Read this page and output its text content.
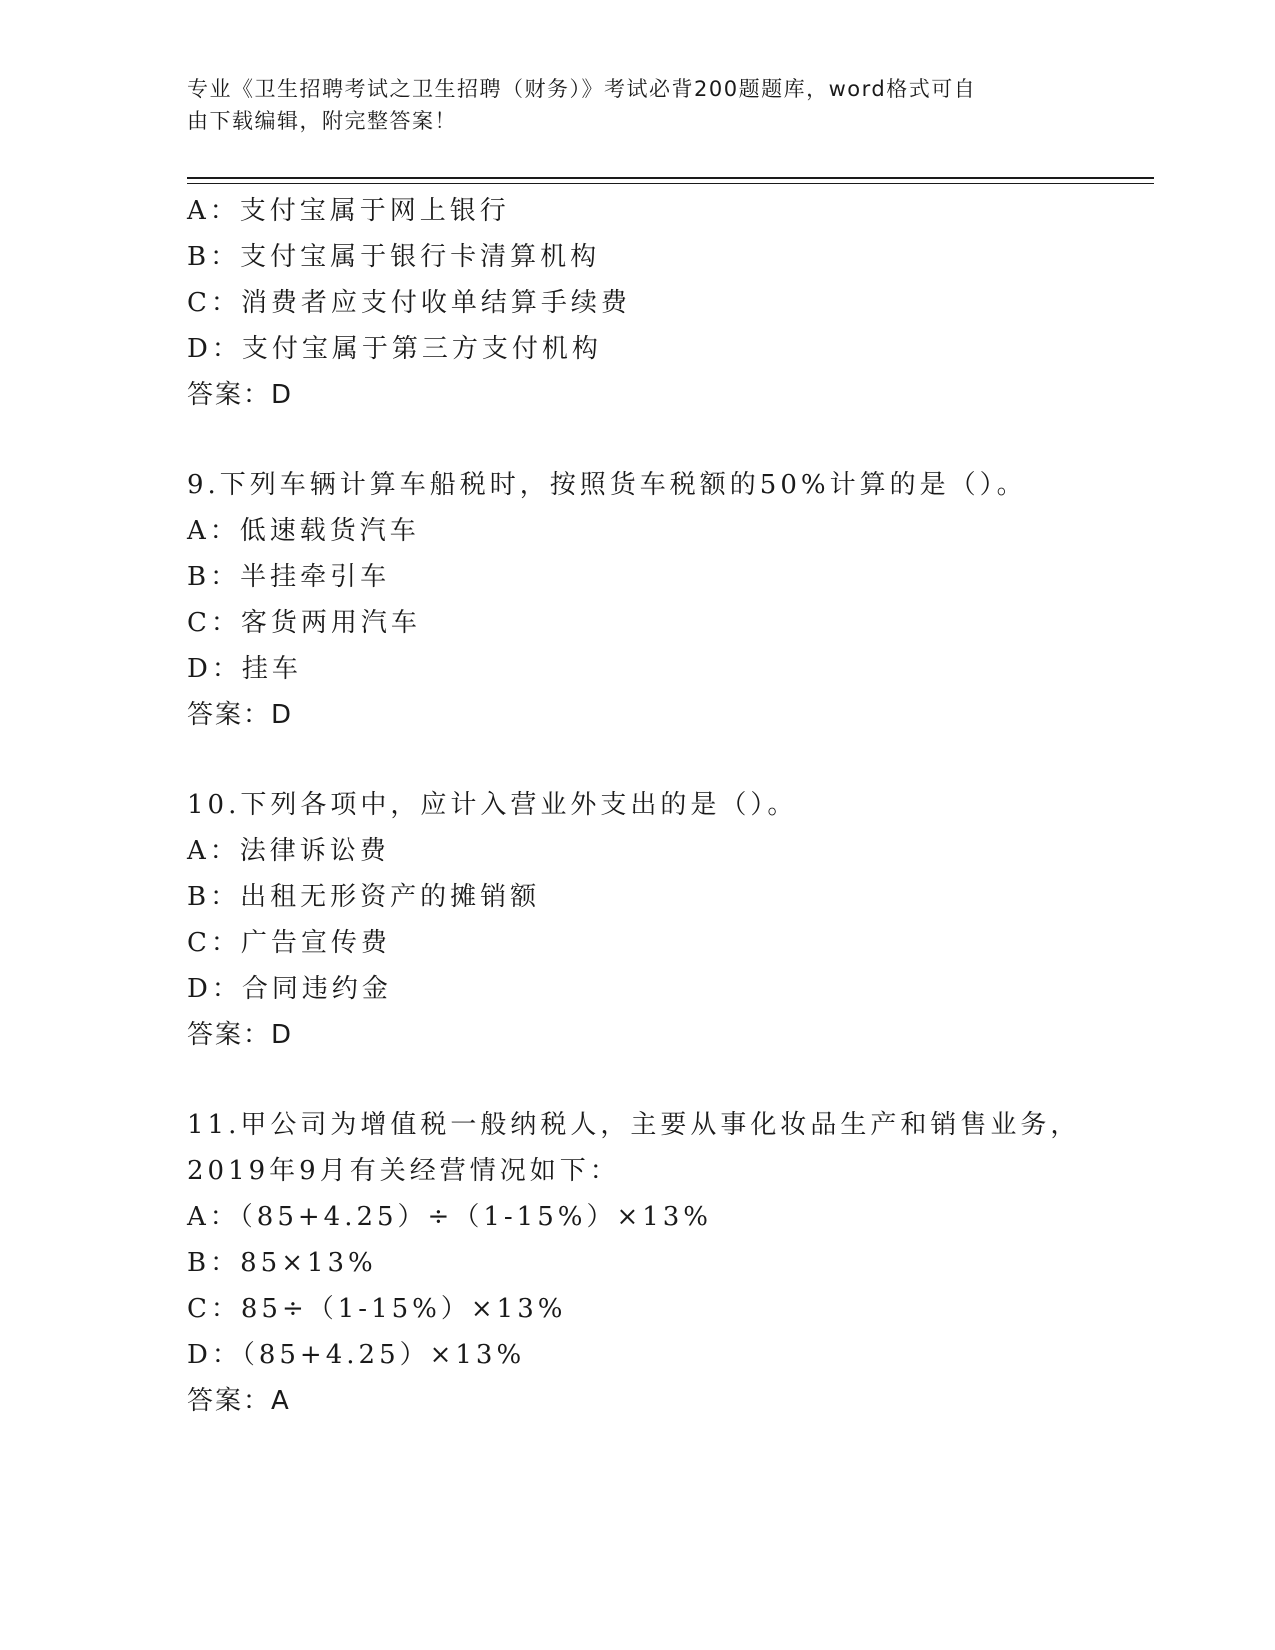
专业《卫生招聘考试之卫生招聘（财务）》考试必背200题题库，word格式可自
由下载编辑，附完整答案！
A：支付宝属于网上银行
B：支付宝属于银行卡清算机构
C：消费者应支付收单结算手续费
D：支付宝属于第三方支付机构
答案：D
9.下列车辆计算车船税时，按照货车税额的50%计算的是（）。
A：低速载货汽车
B：半挂牵引车
C：客货两用汽车
D：挂车
答案：D
10.下列各项中，应计入营业外支出的是（）。
A：法律诉讼费
B：出租无形资产的摊销额
C：广告宣传费
D：合同违约金
答案：D
11.甲公司为增值税一般纳税人，主要从事化妆品生产和销售业务，
2019年9月有关经营情况如下：
A：（85+4.25）÷（1-15%）×13%
B：85×13%
C：85÷（1-15%）×13%
D：（85+4.25）×13%
答案：A
